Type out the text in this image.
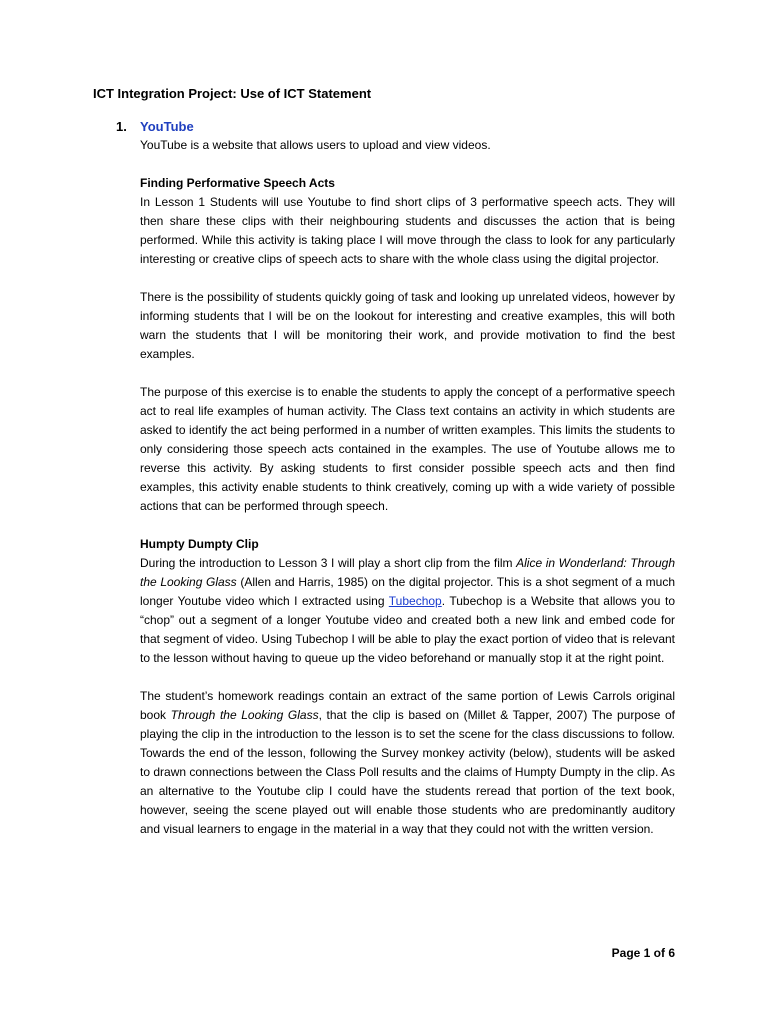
ICT Integration Project: Use of ICT Statement
1. YouTube

YouTube is a website that allows users to upload and view videos.

Finding Performative Speech Acts

In Lesson 1 Students will use Youtube to find short clips of 3 performative speech acts. They will then share these clips with their neighbouring students and discusses the action that is being performed. While this activity is taking place I will move through the class to look for any particularly interesting or creative clips of speech acts to share with the whole class using the digital projector.

There is the possibility of students quickly going of task and looking up unrelated videos, however by informing students that I will be on the lookout for interesting and creative examples, this will both warn the students that I will be monitoring their work, and provide motivation to find the best examples.

The purpose of this exercise is to enable the students to apply the concept of a performative speech act to real life examples of human activity. The Class text contains an activity in which students are asked to identify the act being performed in a number of written examples. This limits the students to only considering those speech acts contained in the examples. The use of Youtube allows me to reverse this activity. By asking students to first consider possible speech acts and then find examples, this activity enable students to think creatively, coming up with a wide variety of possible actions that can be performed through speech.

Humpty Dumpty Clip

During the introduction to Lesson 3 I will play a short clip from the film Alice in Wonderland: Through the Looking Glass (Allen and Harris, 1985) on the digital projector. This is a shot segment of a much longer Youtube video which I extracted using Tubechop. Tubechop is a Website that allows you to “chop” out a segment of a longer Youtube video and created both a new link and embed code for that segment of video. Using Tubechop I will be able to play the exact portion of video that is relevant to the lesson without having to queue up the video beforehand or manually stop it at the right point.

The student’s homework readings contain an extract of the same portion of Lewis Carrols original book Through the Looking Glass, that the clip is based on (Millet & Tapper, 2007) The purpose of playing the clip in the introduction to the lesson is to set the scene for the class discussions to follow. Towards the end of the lesson, following the Survey monkey activity (below), students will be asked to drawn connections between the Class Poll results and the claims of Humpty Dumpty in the clip. As an alternative to the Youtube clip I could have the students reread that portion of the text book, however, seeing the scene played out will enable those students who are predominantly auditory and visual learners to engage in the material in a way that they could not with the written version.

Page 1 of 6
